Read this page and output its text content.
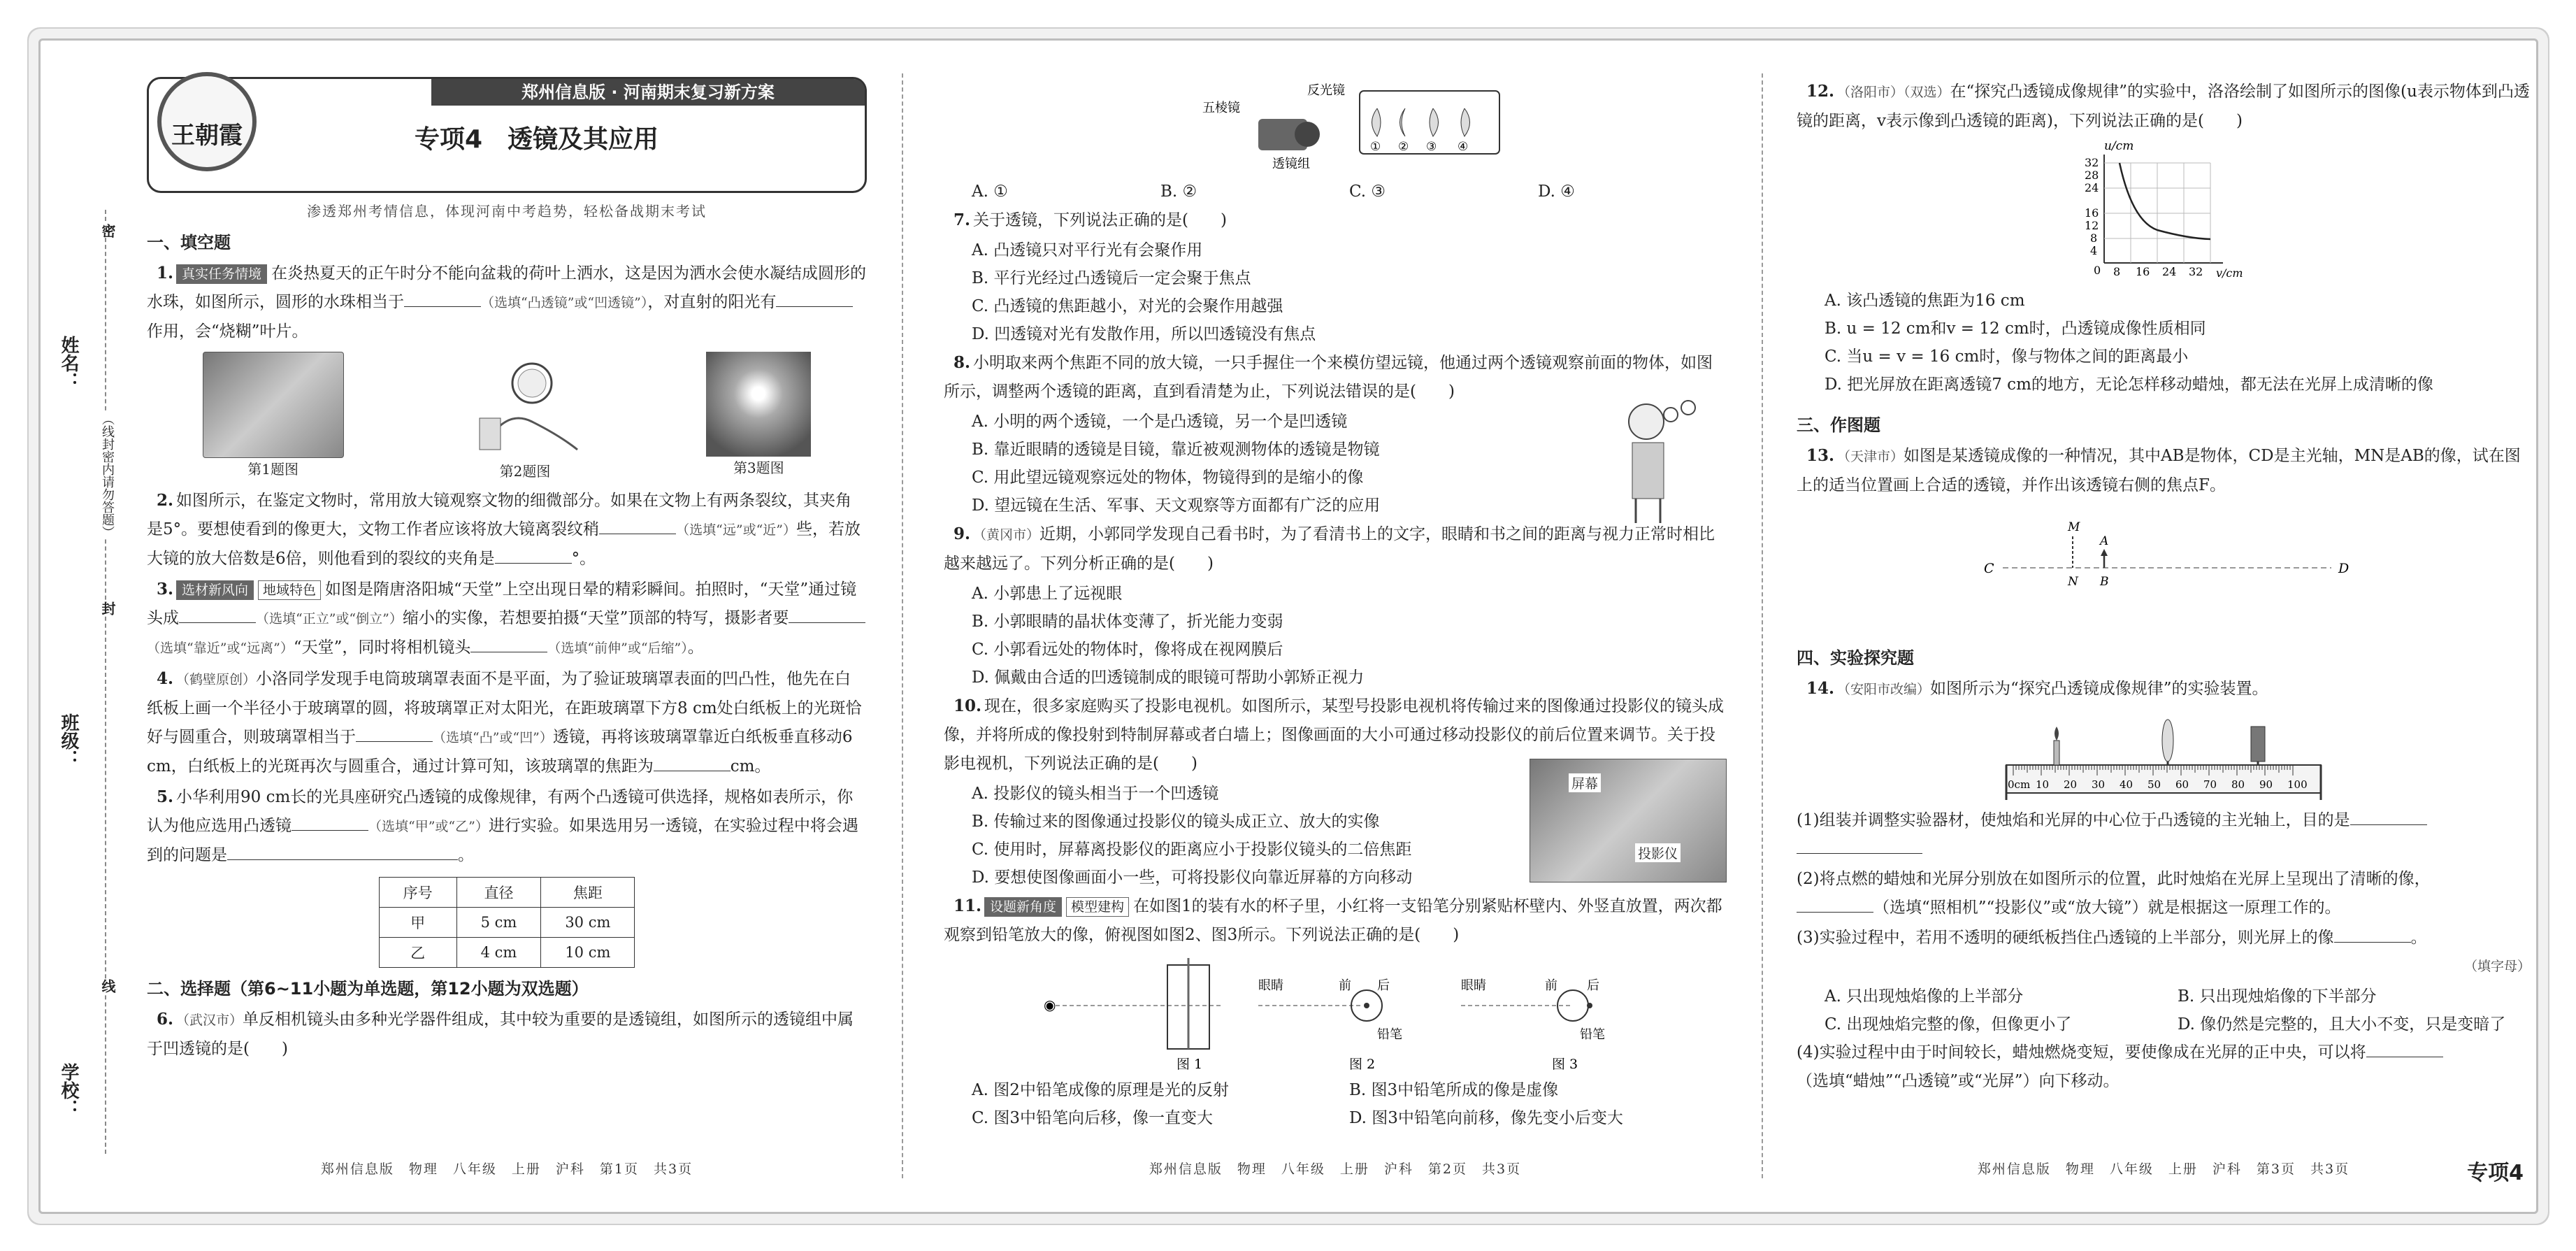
姓名：
班级：
学校：
密
（线封密内请勿答题）
封
线
王朝霞
郑州信息版 · 河南期末复习新方案
专项4　透镜及其应用
渗透郑州考情信息，体现河南中考趋势，轻松备战期末考试
一、填空题
1. 真实任务情境 在炎热夏天的正午时分不能向盆栽的荷叶上洒水，这是因为洒水会使水凝结成圆形的水珠，如图所示，圆形的水珠相当于	（选填“凸透镜”或“凹透镜”），对直射的阳光有作用，会“烧糊”叶片。
第1题图	第2题图	第3题图
2. 如图所示，在鉴定文物时，常用放大镜观察文物的细微部分。如果在文物上有两条裂纹，其夹角是5°。要想使看到的像更大，文物工作者应该将放大镜离裂纹稍	（选填“远”或“近”）些，若放大镜的放大倍数是6倍，则他看到的裂纹的夹角是	°。
3. 选材新风向 地域特色 如图是隋唐洛阳城“天堂”上空出现日晕的精彩瞬间。拍照时，“天堂”通过镜头成	（选填“正立”或“倒立”）缩小的实像，若想要拍摄“天堂”顶部的特写，摄影者要（选填“靠近”或“远离”）“天堂”，同时将相机镜头	（选填“前伸”或“后缩”）。
4. （鹤壁原创）小洛同学发现手电筒玻璃罩表面不是平面，为了验证玻璃罩表面的凹凸性，他先在白纸板上画一个半径小于玻璃罩的圆，将玻璃罩正对太阳光，在距玻璃罩下方8 cm处白纸板上的光斑恰好与圆重合，则玻璃罩相当于	（选填“凸”或“凹”）透镜，再将该玻璃罩靠近白纸板垂直移动6 cm，白纸板上的光斑再次与圆重合，通过计算可知，该玻璃罩的焦距为	cm。
5. 小华利用90 cm长的光具座研究凸透镜的成像规律，有两个凸透镜可供选择，规格如表所示，你认为他应选用凸透镜	（选填“甲”或“乙”）进行实验。如果选用另一透镜，在实验过程中将会遇到的问题是	。
序号	直径	焦距
甲	5 cm	30 cm
乙	4 cm	10 cm
二、选择题（第6~11小题为单选题，第12小题为双选题）
6. （武汉市）单反相机镜头由多种光学器件组成，其中较为重要的是透镜组，如图所示的透镜组中属于凹透镜的是(　　)
郑州信息版　物理　八年级　上册　沪科　第1页　共3页
五棱镜
反光镜
① ② ③ ④
透镜组
A. ①	B. ②	C. ③	D. ④
7. 关于透镜，下列说法正确的是(　　)
A. 凸透镜只对平行光有会聚作用
B. 平行光经过凸透镜后一定会聚于焦点
C. 凸透镜的焦距越小，对光的会聚作用越强
D. 凹透镜对光有发散作用，所以凹透镜没有焦点
8. 小明取来两个焦距不同的放大镜，一只手握住一个来模仿望远镜，他通过两个透镜观察前面的物体，如图所示，调整两个透镜的距离，直到看清楚为止，下列说法错误的是(　　)
A. 小明的两个透镜，一个是凸透镜，另一个是凹透镜
B. 靠近眼睛的透镜是目镜，靠近被观测物体的透镜是物镜
C. 用此望远镜观察远处的物体，物镜得到的是缩小的像
D. 望远镜在生活、军事、天文观察等方面都有广泛的应用
9. （黄冈市）近期，小郭同学发现自己看书时，为了看清书上的文字，眼睛和书之间的距离与视力正常时相比越来越远了。下列分析正确的是(　　)
A. 小郭患上了远视眼
B. 小郭眼睛的晶状体变薄了，折光能力变弱
C. 小郭看远处的物体时，像将成在视网膜后
D. 佩戴由合适的凹透镜制成的眼镜可帮助小郭矫正视力
10. 现在，很多家庭购买了投影电视机。如图所示，某型号投影电视机将传输过来的图像通过投影仪的镜头成像，并将所成的像投射到特制屏幕或者白墙上；图像画面的大小可通过移动投影仪的前后位置来调节。关于投影电视机，下列说法正确的是(　　)
A. 投影仪的镜头相当于一个凹透镜
B. 传输过来的图像通过投影仪的镜头成正立、放大的实像
C. 使用时，屏幕离投影仪的距离应小于投影仪镜头的二倍焦距
D. 要想使图像画面小一些，可将投影仪向靠近屏幕的方向移动
屏幕
投影仪
11. 设题新角度 模型建构 在如图1的装有水的杯子里，小红将一支铅笔分别紧贴杯壁内、外竖直放置，两次都观察到铅笔放大的像，俯视图如图2、图3所示。下列说法正确的是(　　)
◉
图 1
眼睛	前 后
铅笔
图 2
眼睛	前 后
铅笔
图 3
A. 图2中铅笔成像的原理是光的反射	B. 图3中铅笔所成的像是虚像
C. 图3中铅笔向后移，像一直变大	D. 图3中铅笔向前移，像先变小后变大
郑州信息版　物理　八年级　上册　沪科　第2页　共3页
12. （洛阳市）（双选）在“探究凸透镜成像规律”的实验中，洛洛绘制了如图所示的图像(u表示物体到凸透镜的距离，v表示像到凸透镜的距离)，下列说法正确的是(　　)
u/cm
32
28
24
16
12
8
4
0 8 16 24 32 v/cm
A. 该凸透镜的焦距为16 cm
B. u = 12 cm和v = 12 cm时，凸透镜成像性质相同
C. 当u = v = 16 cm时，像与物体之间的距离最小
D. 把光屏放在距离透镜7 cm的地方，无论怎样移动蜡烛，都无法在光屏上成清晰的像
三、作图题
13. （天津市）如图是某透镜成像的一种情况，其中AB是物体，CD是主光轴，MN是AB的像，试在图上的适当位置画上合适的透镜，并作出该透镜右侧的焦点F。
C	D
M
N
A
B
四、实验探究题
14. （安阳市改编）如图所示为“探究凸透镜成像规律”的实验装置。
0cm 10 20 30 40 50 60 70 80 90 100
(1)组装并调整实验器材，使烛焰和光屏的中心位于凸透镜的主光轴上，目的是

(2)将点燃的蜡烛和光屏分别放在如图所示的位置，此时烛焰在光屏上呈现出了清晰的像，
（选填“照相机”“投影仪”或“放大镜”）就是根据这一原理工作的。
(3)实验过程中，若用不透明的硬纸板挡住凸透镜的上半部分，则光屏上的像	。
（填字母）
A. 只出现烛焰像的上半部分	B. 只出现烛焰像的下半部分
C. 出现烛焰完整的像，但像更小了	D. 像仍然是完整的，且大小不变，只是变暗了
(4)实验过程中由于时间较长，蜡烛燃烧变短，要使像成在光屏的正中央，可以将
（选填“蜡烛”“凸透镜”或“光屏”）向下移动。
郑州信息版　物理　八年级　上册　沪科　第3页　共3页	专项4
